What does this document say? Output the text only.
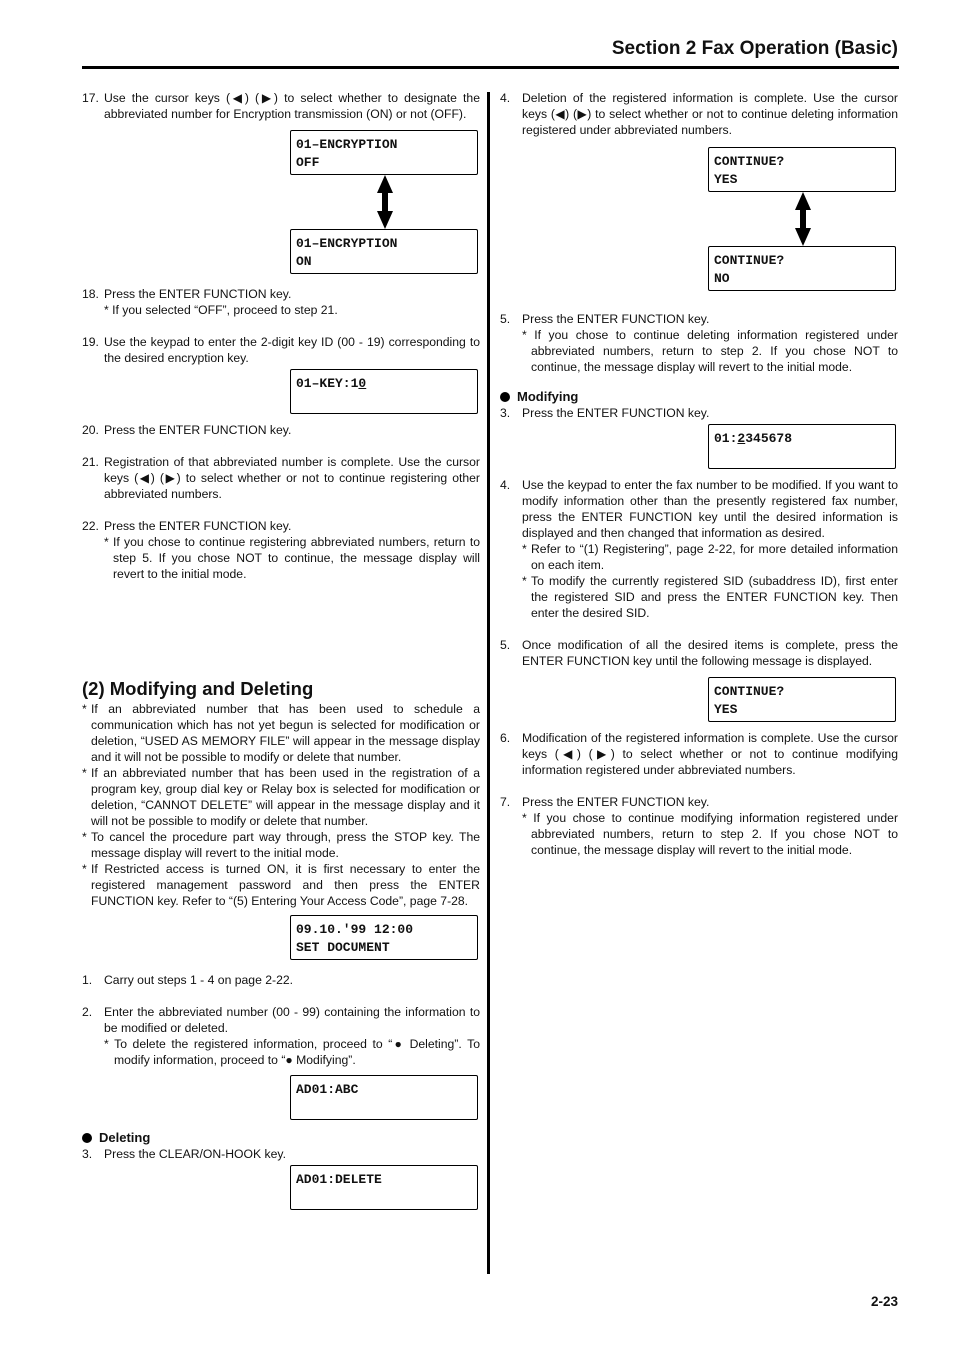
Section 2 Fax Operation (Basic)
17. Use the cursor keys (◀) (▶) to select whether to designate the abbreviated number for Encryption transmission (ON) or not (OFF).
01–ENCRYPTION
OFF
01–ENCRYPTION
ON
18. Press the ENTER FUNCTION key.
* If you selected “OFF”, proceed to step 21.
19. Use the keypad to enter the 2-digit key ID (00 - 19) corresponding to the desired encryption key.
01–KEY:10
20. Press the ENTER FUNCTION key.
21. Registration of that abbreviated number is complete. Use the cursor keys (◀) (▶) to select whether or not to continue registering other abbreviated numbers.
22. Press the ENTER FUNCTION key.
* If you chose to continue registering abbreviated numbers, return to step 5. If you chose NOT to continue, the message display will revert to the initial mode.
(2) Modifying and Deleting
* If an abbreviated number that has been used to schedule a communication which has not yet begun is selected for modification or deletion, “USED AS MEMORY FILE” will appear in the message display and it will not be possible to modify or delete that number.
* If an abbreviated number that has been used in the registration of a program key, group dial key or Relay box is selected for modification or deletion, “CANNOT DELETE” will appear in the message display and it will not be possible to modify or delete that number.
* To cancel the procedure part way through, press the STOP key. The message display will revert to the initial mode.
* If Restricted access is turned ON, it is first necessary to enter the registered management password and then press the ENTER FUNCTION key. Refer to “(5) Entering Your Access Code”, page 7-28.
09.10.'99 12:00
SET DOCUMENT
1. Carry out steps 1 - 4 on page 2-22.
2. Enter the abbreviated number (00 - 99) containing the information to be modified or deleted.
* To delete the registered information, proceed to “● Deleting”. To modify information, proceed to “● Modifying”.
AD01:ABC
Deleting
3. Press the CLEAR/ON-HOOK key.
AD01:DELETE
4. Deletion of the registered information is complete. Use the cursor keys (◀) (▶) to select whether or not to continue deleting information registered under abbreviated numbers.
CONTINUE?
YES
CONTINUE?
NO
5. Press the ENTER FUNCTION key.
* If you chose to continue deleting information registered under abbreviated numbers, return to step 2. If you chose NOT to continue, the message display will revert to the initial mode.
Modifying
3. Press the ENTER FUNCTION key.
01:2345678
4. Use the keypad to enter the fax number to be modified. If you want to modify information other than the presently registered fax number, press the ENTER FUNCTION key until the desired information is displayed and then changed that information as desired.
* Refer to “(1) Registering”, page 2-22, for more detailed information on each item.
* To modify the currently registered SID (subaddress ID), first enter the registered SID and press the ENTER FUNCTION key. Then enter the desired SID.
5. Once modification of all the desired items is complete, press the ENTER FUNCTION key until the following message is displayed.
CONTINUE?
YES
6. Modification of the registered information is complete. Use the cursor keys (◀) (▶) to select whether or not to continue modifying information registered under abbreviated numbers.
7. Press the ENTER FUNCTION key.
* If you chose to continue modifying information registered under abbreviated numbers, return to step 2. If you chose NOT to continue, the message display will revert to the initial mode.
2-23
